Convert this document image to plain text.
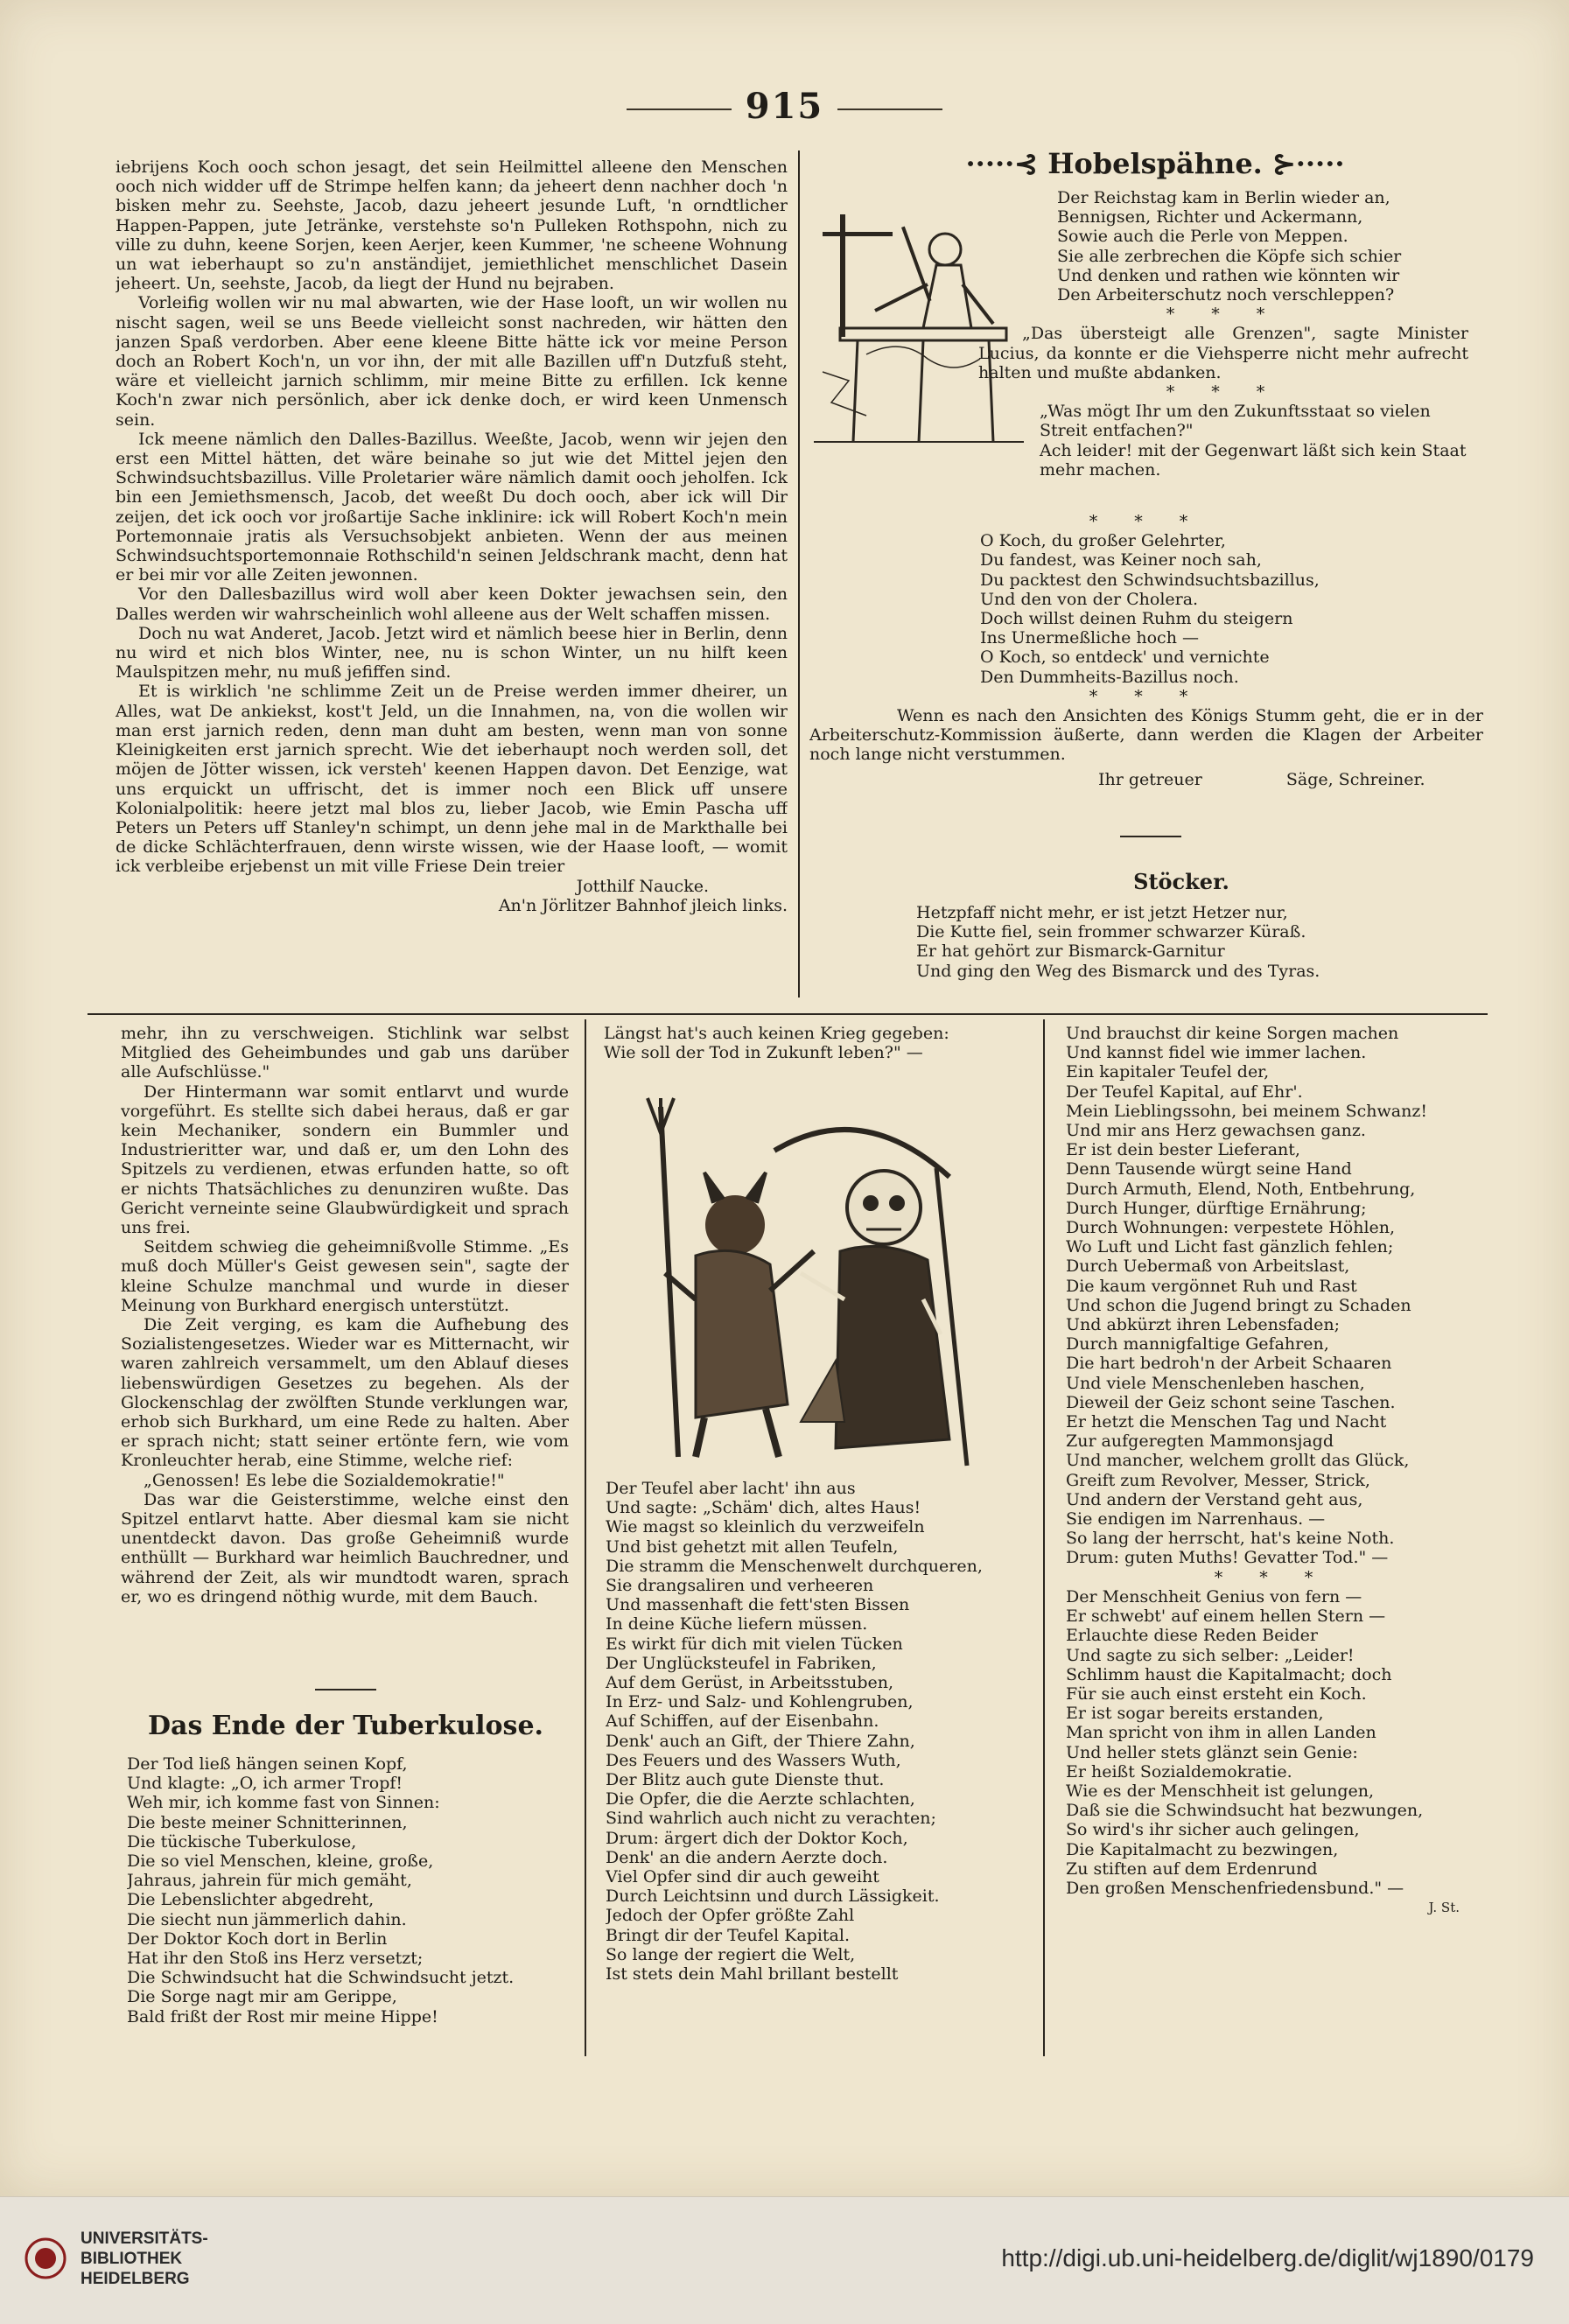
915

iebrijens Koch ooch schon jesagt, det sein Heilmittel alleene den Menschen ooch nich widder uff de Strimpe helfen kann; da jeheert denn nachher doch 'n bisken mehr zu. Seehste, Jacob, dazu jeheert jesunde Luft, 'n orndtlicher Happen-Pappen, jute Jetränke, verstehste so'n Pulleken Rothspohn, nich zu ville zu duhn, keene Sorjen, keen Aerjer, keen Kummer, 'ne scheene Wohnung un wat ieberhaupt so zu'n anständijet, jemiethlichet menschlichet Dasein jeheert. Un, seehste, Jacob, da liegt der Hund nu bejraben.

Vorleifig wollen wir nu mal abwarten, wie der Hase looft, un wir wollen nu nischt sagen, weil se uns Beede vielleicht sonst nachreden, wir hätten den janzen Spaß verdorben. Aber eene kleene Bitte hätte ick vor meine Person doch an Robert Koch'n, un vor ihn, der mit alle Bazillen uff'n Dutzfuß steht, wäre et vielleicht jarnich schlimm, mir meine Bitte zu erfillen. Ick kenne Koch'n zwar nich persönlich, aber ick denke doch, er wird keen Unmensch sein.

Ick meene nämlich den Dalles-Bazillus. Weeßte, Jacob, wenn wir jejen den erst een Mittel hätten, det wäre beinahe so jut wie det Mittel jejen den Schwindsuchtsbazillus. Ville Proletarier wäre nämlich damit ooch jeholfen. Ick bin een Jemiethsmensch, Jacob, det weeßt Du doch ooch, aber ick will Dir zeijen, det ick ooch vor jroßartije Sache inklinire: ick will Robert Koch'n mein Portemonnaie jratis als Versuchsobjekt anbieten. Wenn der aus meinen Schwindsuchtsportemonnaie Rothschild'n seinen Jeldschrank macht, denn hat er bei mir vor alle Zeiten jewonnen.

Vor den Dallesbazillus wird woll aber keen Dokter jewachsen sein, den Dalles werden wir wahrscheinlich wohl alleene aus der Welt schaffen missen.

Doch nu wat Anderet, Jacob. Jetzt wird et nämlich beese hier in Berlin, denn nu wird et nich blos Winter, nee, nu is schon Winter, un nu hilft keen Maulspitzen mehr, nu muß jefiffen sind.

Et is wirklich 'ne schlimme Zeit un de Preise werden immer dheirer, un Alles, wat De ankiekst, kost't Jeld, un die Innahmen, na, von die wollen wir man erst jarnich reden, denn man duht am besten, wenn man von sonne Kleinigkeiten erst jarnich sprecht. Wie det ieberhaupt noch werden soll, det möjen de Jötter wissen, ick versteh' keenen Happen davon. Det Eenzige, wat uns erquickt un uffrischt, det is immer noch een Blick uff unsere Kolonialpolitik: heere jetzt mal blos zu, lieber Jacob, wie Emin Pascha uff Peters un Peters uff Stanley'n schimpt, un denn jehe mal in de Markthalle bei de dicke Schlächterfrauen, denn wirste wissen, wie der Haase looft, — womit ick verbleibe erjebenst un mit ville Friese Dein treier

Jotthilf Naucke.
An'n Jörlitzer Bahnhof jleich links.
·····⊰ Hobelspähne. ⊱·····
Der Reichstag kam in Berlin wieder an,
Bennigsen, Richter und Ackermann,
Sowie auch die Perle von Meppen.
Sie alle zerbrechen die Köpfe sich schier
Und denken und rathen wie könnten wir
Den Arbeiterschutz noch verschleppen?
* * *

„Das übersteigt alle Grenzen", sagte Minister Lucius, da konnte er die Viehsperre nicht mehr aufrecht halten und mußte abdanken.

* * *
„Was mögt Ihr um den Zukunftsstaat so vielen Streit entfachen?"
Ach leider! mit der Gegenwart läßt sich kein Staat mehr machen.
* * *
O Koch, du großer Gelehrter,
Du fandest, was Keiner noch sah,
Du packtest den Schwindsuchtsbazillus,
Und den von der Cholera.
Doch willst deinen Ruhm du steigern
Ins Unermeßliche hoch —
O Koch, so entdeck' und vernichte
Den Dummheits-Bazillus noch.
* * *

Wenn es nach den Ansichten des Königs Stumm geht, die er in der Arbeiterschutz-Kommission äußerte, dann werden die Klagen der Arbeiter noch lange nicht verstummen.

Ihr getreuer	Säge, Schreiner.
Stöcker.
Hetzpfaff nicht mehr, er ist jetzt Hetzer nur,
Die Kutte fiel, sein frommer schwarzer Küraß.
Er hat gehört zur Bismarck-Garnitur
Und ging den Weg des Bismarck und des Tyras.

mehr, ihn zu verschweigen. Stichlink war selbst Mitglied des Geheimbundes und gab uns darüber alle Aufschlüsse."

Der Hintermann war somit entlarvt und wurde vorgeführt. Es stellte sich dabei heraus, daß er gar kein Mechaniker, sondern ein Bummler und Industrieritter war, und daß er, um den Lohn des Spitzels zu verdienen, etwas erfunden hatte, so oft er nichts Thatsächliches zu denunziren wußte. Das Gericht verneinte seine Glaubwürdigkeit und sprach uns frei.

Seitdem schwieg die geheimnißvolle Stimme. „Es muß doch Müller's Geist gewesen sein", sagte der kleine Schulze manchmal und wurde in dieser Meinung von Burkhard energisch unterstützt.

Die Zeit verging, es kam die Aufhebung des Sozialistengesetzes. Wieder war es Mitternacht, wir waren zahlreich versammelt, um den Ablauf dieses liebenswürdigen Gesetzes zu begehen. Als der Glockenschlag der zwölften Stunde verklungen war, erhob sich Burkhard, um eine Rede zu halten. Aber er sprach nicht; statt seiner ertönte fern, wie vom Kronleuchter herab, eine Stimme, welche rief:

„Genossen! Es lebe die Sozialdemokratie!"

Das war die Geisterstimme, welche einst den Spitzel entlarvt hatte. Aber diesmal kam sie nicht unentdeckt davon. Das große Geheimniß wurde enthüllt — Burkhard war heimlich Bauchredner, und während der Zeit, als wir mundtodt waren, sprach er, wo es dringend nöthig wurde, mit dem Bauch.

Das Ende der Tuberkulose.
Der Tod ließ hängen seinen Kopf,
Und klagte: „O, ich armer Tropf!
Weh mir, ich komme fast von Sinnen:
Die beste meiner Schnitterinnen,
Die tückische Tuberkulose,
Die so viel Menschen, kleine, große,
Jahraus, jahrein für mich gemäht,
Die Lebenslichter abgedreht,
Die siecht nun jämmerlich dahin.
Der Doktor Koch dort in Berlin
Hat ihr den Stoß ins Herz versetzt;
Die Schwindsucht hat die Schwindsucht jetzt.
Die Sorge nagt mir am Gerippe,
Bald frißt der Rost mir meine Hippe!
Längst hat's auch keinen Krieg gegeben:
Wie soll der Tod in Zukunft leben?" —
Der Teufel aber lacht' ihn aus
Und sagte: „Schäm' dich, altes Haus!
Wie magst so kleinlich du verzweifeln
Und bist gehetzt mit allen Teufeln,
Die stramm die Menschenwelt durchqueren,
Sie drangsaliren und verheeren
Und massenhaft die fett'sten Bissen
In deine Küche liefern müssen.
Es wirkt für dich mit vielen Tücken
Der Unglücksteufel in Fabriken,
Auf dem Gerüst, in Arbeitsstuben,
In Erz- und Salz- und Kohlengruben,
Auf Schiffen, auf der Eisenbahn.
Denk' auch an Gift, der Thiere Zahn,
Des Feuers und des Wassers Wuth,
Der Blitz auch gute Dienste thut.
Die Opfer, die die Aerzte schlachten,
Sind wahrlich auch nicht zu verachten;
Drum: ärgert dich der Doktor Koch,
Denk' an die andern Aerzte doch.
Viel Opfer sind dir auch geweiht
Durch Leichtsinn und durch Lässigkeit.
Jedoch der Opfer größte Zahl
Bringt dir der Teufel Kapital.
So lange der regiert die Welt,
Ist stets dein Mahl brillant bestellt
Und brauchst dir keine Sorgen machen
Und kannst fidel wie immer lachen.
Ein kapitaler Teufel der,
Der Teufel Kapital, auf Ehr'.
Mein Lieblingssohn, bei meinem Schwanz!
Und mir ans Herz gewachsen ganz.
Er ist dein bester Lieferant,
Denn Tausende würgt seine Hand
Durch Armuth, Elend, Noth, Entbehrung,
Durch Hunger, dürftige Ernährung;
Durch Wohnungen: verpestete Höhlen,
Wo Luft und Licht fast gänzlich fehlen;
Durch Uebermaß von Arbeitslast,
Die kaum vergönnet Ruh und Rast
Und schon die Jugend bringt zu Schaden
Und abkürzt ihren Lebensfaden;
Durch mannigfaltige Gefahren,
Die hart bedroh'n der Arbeit Schaaren
Und viele Menschenleben haschen,
Dieweil der Geiz schont seine Taschen.
Er hetzt die Menschen Tag und Nacht
Zur aufgeregten Mammonsjagd
Und mancher, welchem grollt das Glück,
Greift zum Revolver, Messer, Strick,
Und andern der Verstand geht aus,
Sie endigen im Narrenhaus. —
So lang der herrscht, hat's keine Noth.
Drum: guten Muths! Gevatter Tod." —
* * *
Der Menschheit Genius von fern —
Er schwebt' auf einem hellen Stern —
Erlauchte diese Reden Beider
Und sagte zu sich selber: „Leider!
Schlimm haust die Kapitalmacht; doch
Für sie auch einst ersteht ein Koch.
Er ist sogar bereits erstanden,
Man spricht von ihm in allen Landen
Und heller stets glänzt sein Genie:
Er heißt Sozialdemokratie.
Wie es der Menschheit ist gelungen,
Daß sie die Schwindsucht hat bezwungen,
So wird's ihr sicher auch gelingen,
Die Kapitalmacht zu bezwingen,
Zu stiften auf dem Erdenrund
Den großen Menschenfriedensbund." —
J. St.
UNIVERSITÄTS-
BIBLIOTHEK
HEIDELBERG
http://digi.ub.uni-heidelberg.de/diglit/wj1890/0179
